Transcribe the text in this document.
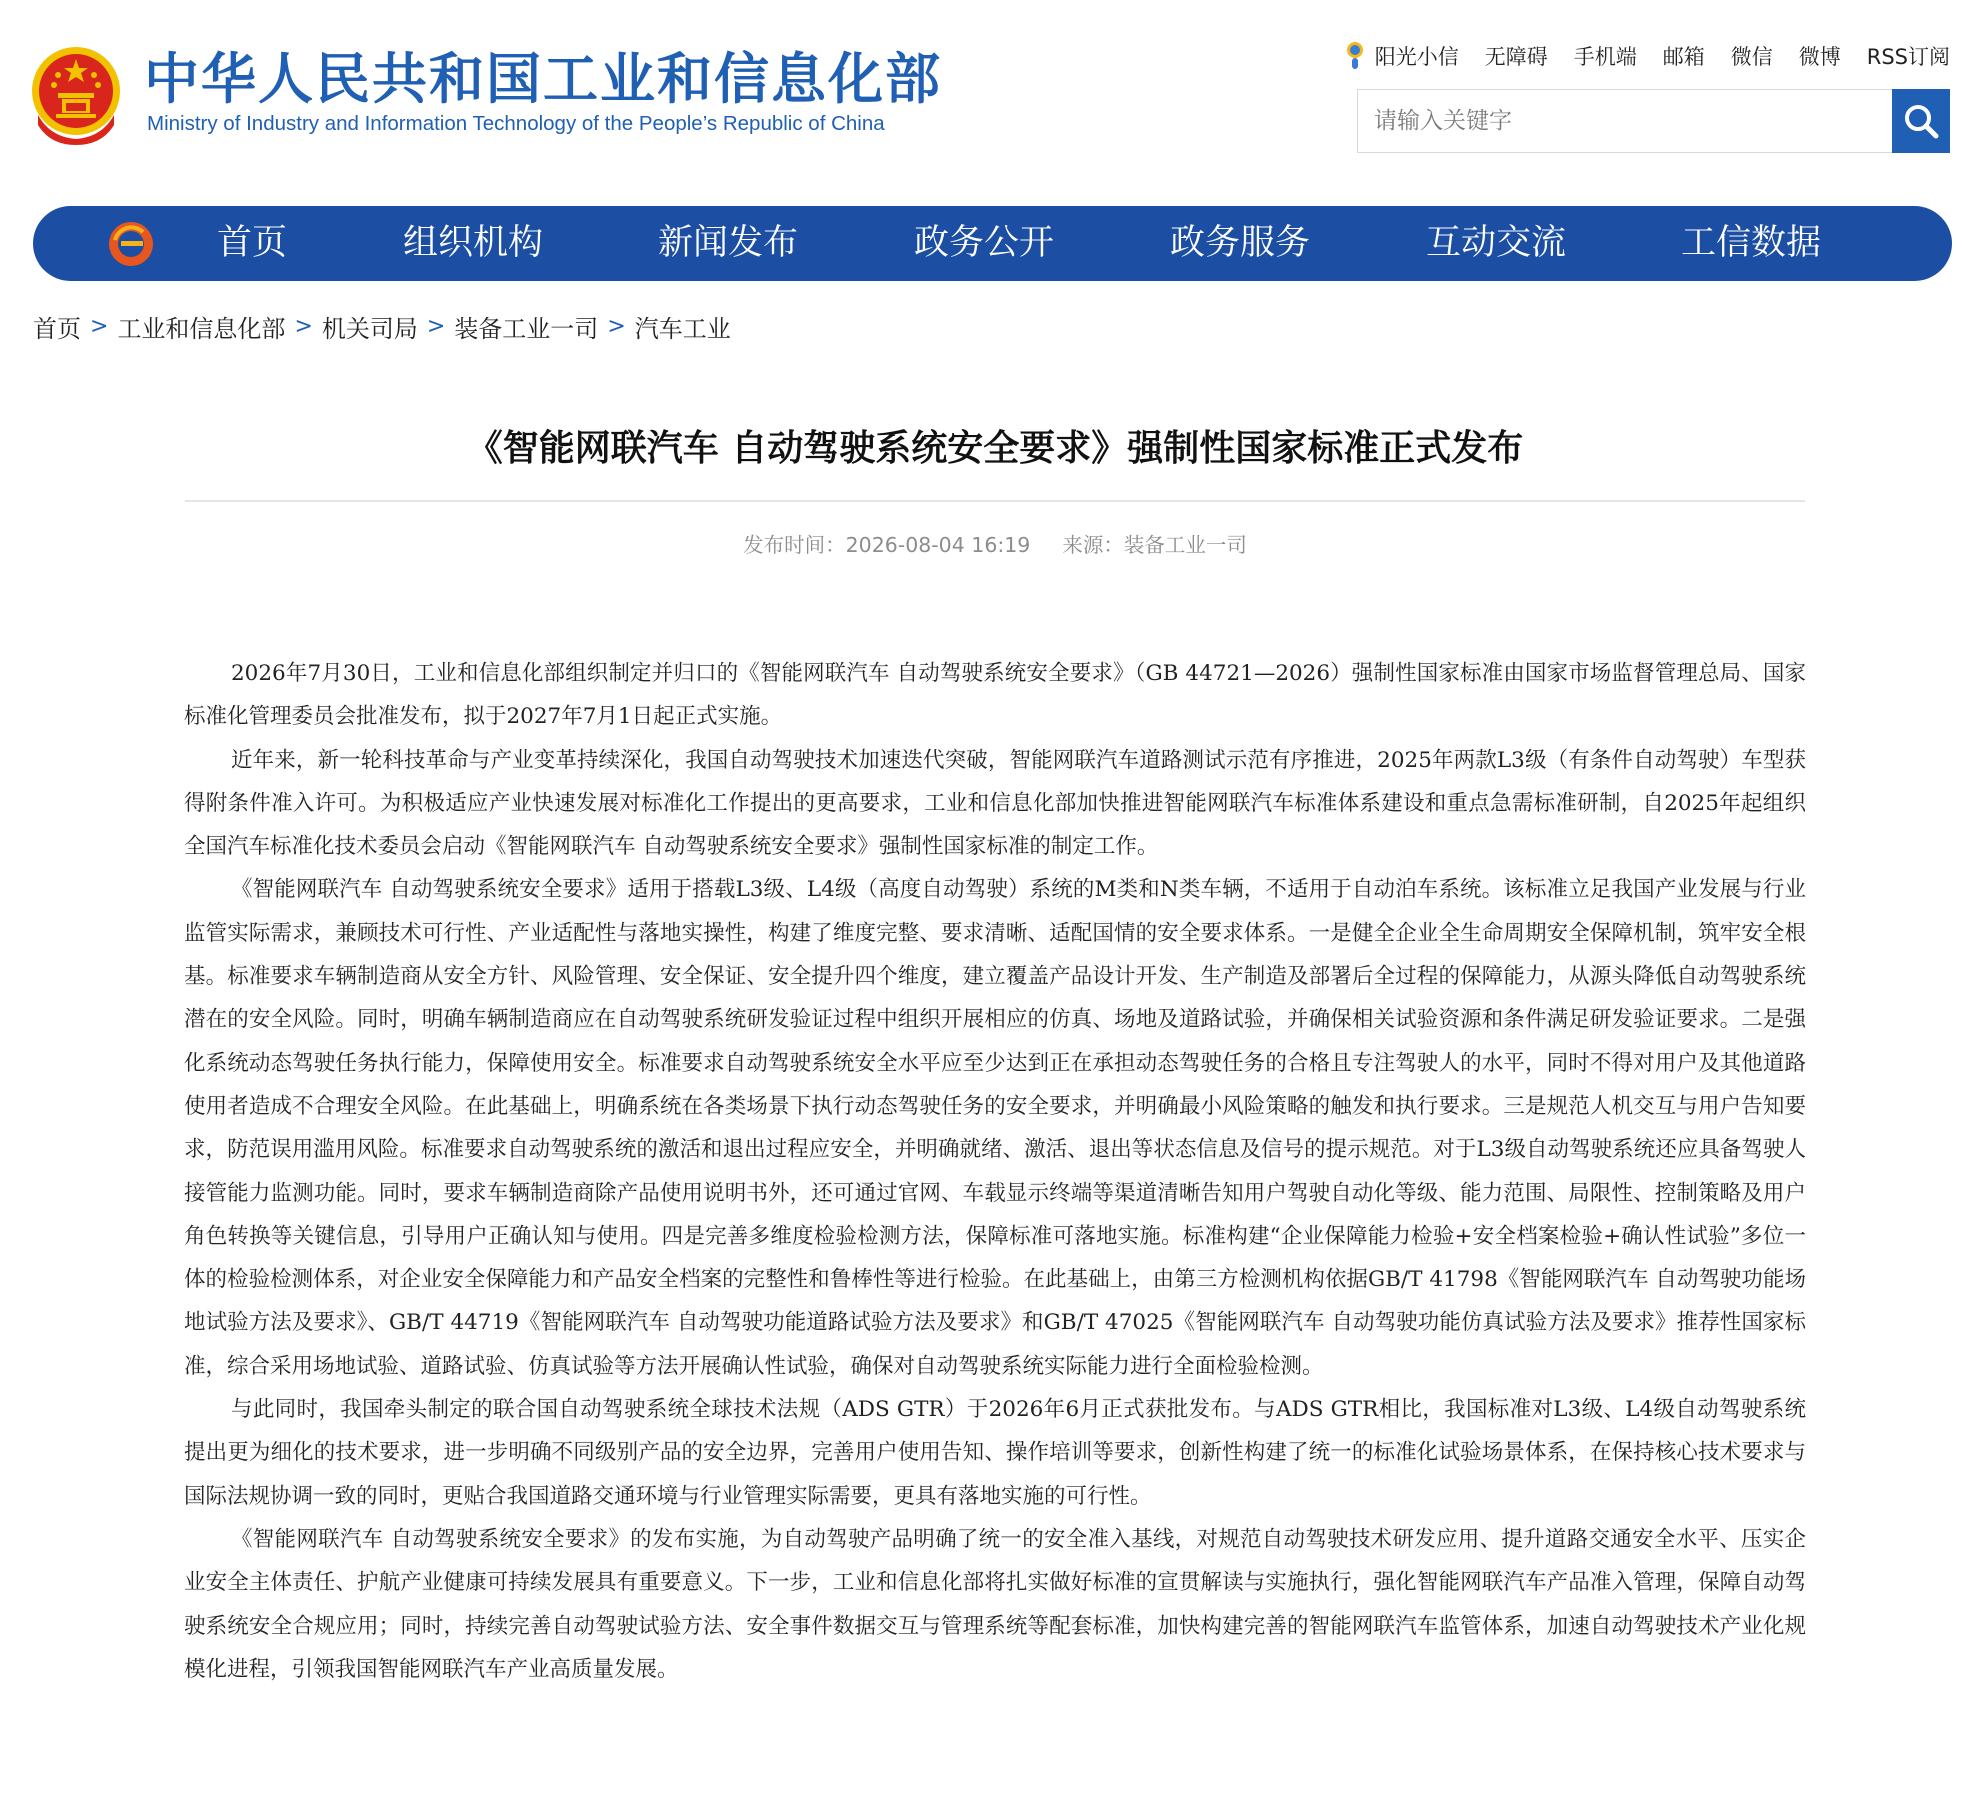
中华人民共和国工业和信息化部
Ministry of Industry and Information Technology of the People’s Republic of China
阳光小信 无障碍 手机端 邮箱 微信 微博 RSS订阅
请输入关键字
首页	组织机构	新闻发布	政务公开	政务服务	互动交流	工信数据
首页 > 工业和信息化部 > 机关司局 > 装备工业一司 > 汽车工业
《智能网联汽车 自动驾驶系统安全要求》强制性国家标准正式发布
发布时间：2026-08-04 16:19 来源：装备工业一司

2026年7月30日，工业和信息化部组织制定并归口的《智能网联汽车 自动驾驶系统安全要求》（GB 44721—2026）强制性国家标准由国家市场监督管理总局、国家标准化管理委员会批准发布，拟于2027年7月1日起正式实施。

近年来，新一轮科技革命与产业变革持续深化，我国自动驾驶技术加速迭代突破，智能网联汽车道路测试示范有序推进，2025年两款L3级（有条件自动驾驶）车型获得附条件准入许可。为积极适应产业快速发展对标准化工作提出的更高要求，工业和信息化部加快推进智能网联汽车标准体系建设和重点急需标准研制，自2025年起组织全国汽车标准化技术委员会启动《智能网联汽车 自动驾驶系统安全要求》强制性国家标准的制定工作。

《智能网联汽车 自动驾驶系统安全要求》适用于搭载L3级、L4级（高度自动驾驶）系统的M类和N类车辆，不适用于自动泊车系统。该标准立足我国产业发展与行业监管实际需求，兼顾技术可行性、产业适配性与落地实操性，构建了维度完整、要求清晰、适配国情的安全要求体系。一是健全企业全生命周期安全保障机制，筑牢安全根基。标准要求车辆制造商从安全方针、风险管理、安全保证、安全提升四个维度，建立覆盖产品设计开发、生产制造及部署后全过程的保障能力，从源头降低自动驾驶系统潜在的安全风险。同时，明确车辆制造商应在自动驾驶系统研发验证过程中组织开展相应的仿真、场地及道路试验，并确保相关试验资源和条件满足研发验证要求。二是强化系统动态驾驶任务执行能力，保障使用安全。标准要求自动驾驶系统安全水平应至少达到正在承担动态驾驶任务的合格且专注驾驶人的水平，同时不得对用户及其他道路使用者造成不合理安全风险。在此基础上，明确系统在各类场景下执行动态驾驶任务的安全要求，并明确最小风险策略的触发和执行要求。三是规范人机交互与用户告知要求，防范误用滥用风险。标准要求自动驾驶系统的激活和退出过程应安全，并明确就绪、激活、退出等状态信息及信号的提示规范。对于L3级自动驾驶系统还应具备驾驶人接管能力监测功能。同时，要求车辆制造商除产品使用说明书外，还可通过官网、车载显示终端等渠道清晰告知用户驾驶自动化等级、能力范围、局限性、控制策略及用户角色转换等关键信息，引导用户正确认知与使用。四是完善多维度检验检测方法，保障标准可落地实施。标准构建“企业保障能力检验+安全档案检验+确认性试验”多位一体的检验检测体系，对企业安全保障能力和产品安全档案的完整性和鲁棒性等进行检验。在此基础上，由第三方检测机构依据GB/T 41798《智能网联汽车 自动驾驶功能场地试验方法及要求》、GB/T 44719《智能网联汽车 自动驾驶功能道路试验方法及要求》和GB/T 47025《智能网联汽车 自动驾驶功能仿真试验方法及要求》推荐性国家标准，综合采用场地试验、道路试验、仿真试验等方法开展确认性试验，确保对自动驾驶系统实际能力进行全面检验检测。

与此同时，我国牵头制定的联合国自动驾驶系统全球技术法规（ADS GTR）于2026年6月正式获批发布。与ADS GTR相比，我国标准对L3级、L4级自动驾驶系统提出更为细化的技术要求，进一步明确不同级别产品的安全边界，完善用户使用告知、操作培训等要求，创新性构建了统一的标准化试验场景体系，在保持核心技术要求与国际法规协调一致的同时，更贴合我国道路交通环境与行业管理实际需要，更具有落地实施的可行性。

《智能网联汽车 自动驾驶系统安全要求》的发布实施，为自动驾驶产品明确了统一的安全准入基线，对规范自动驾驶技术研发应用、提升道路交通安全水平、压实企业安全主体责任、护航产业健康可持续发展具有重要意义。下一步，工业和信息化部将扎实做好标准的宣贯解读与实施执行，强化智能网联汽车产品准入管理，保障自动驾驶系统安全合规应用；同时，持续完善自动驾驶试验方法、安全事件数据交互与管理系统等配套标准，加快构建完善的智能网联汽车监管体系，加速自动驾驶技术产业化规模化进程，引领我国智能网联汽车产业高质量发展。
